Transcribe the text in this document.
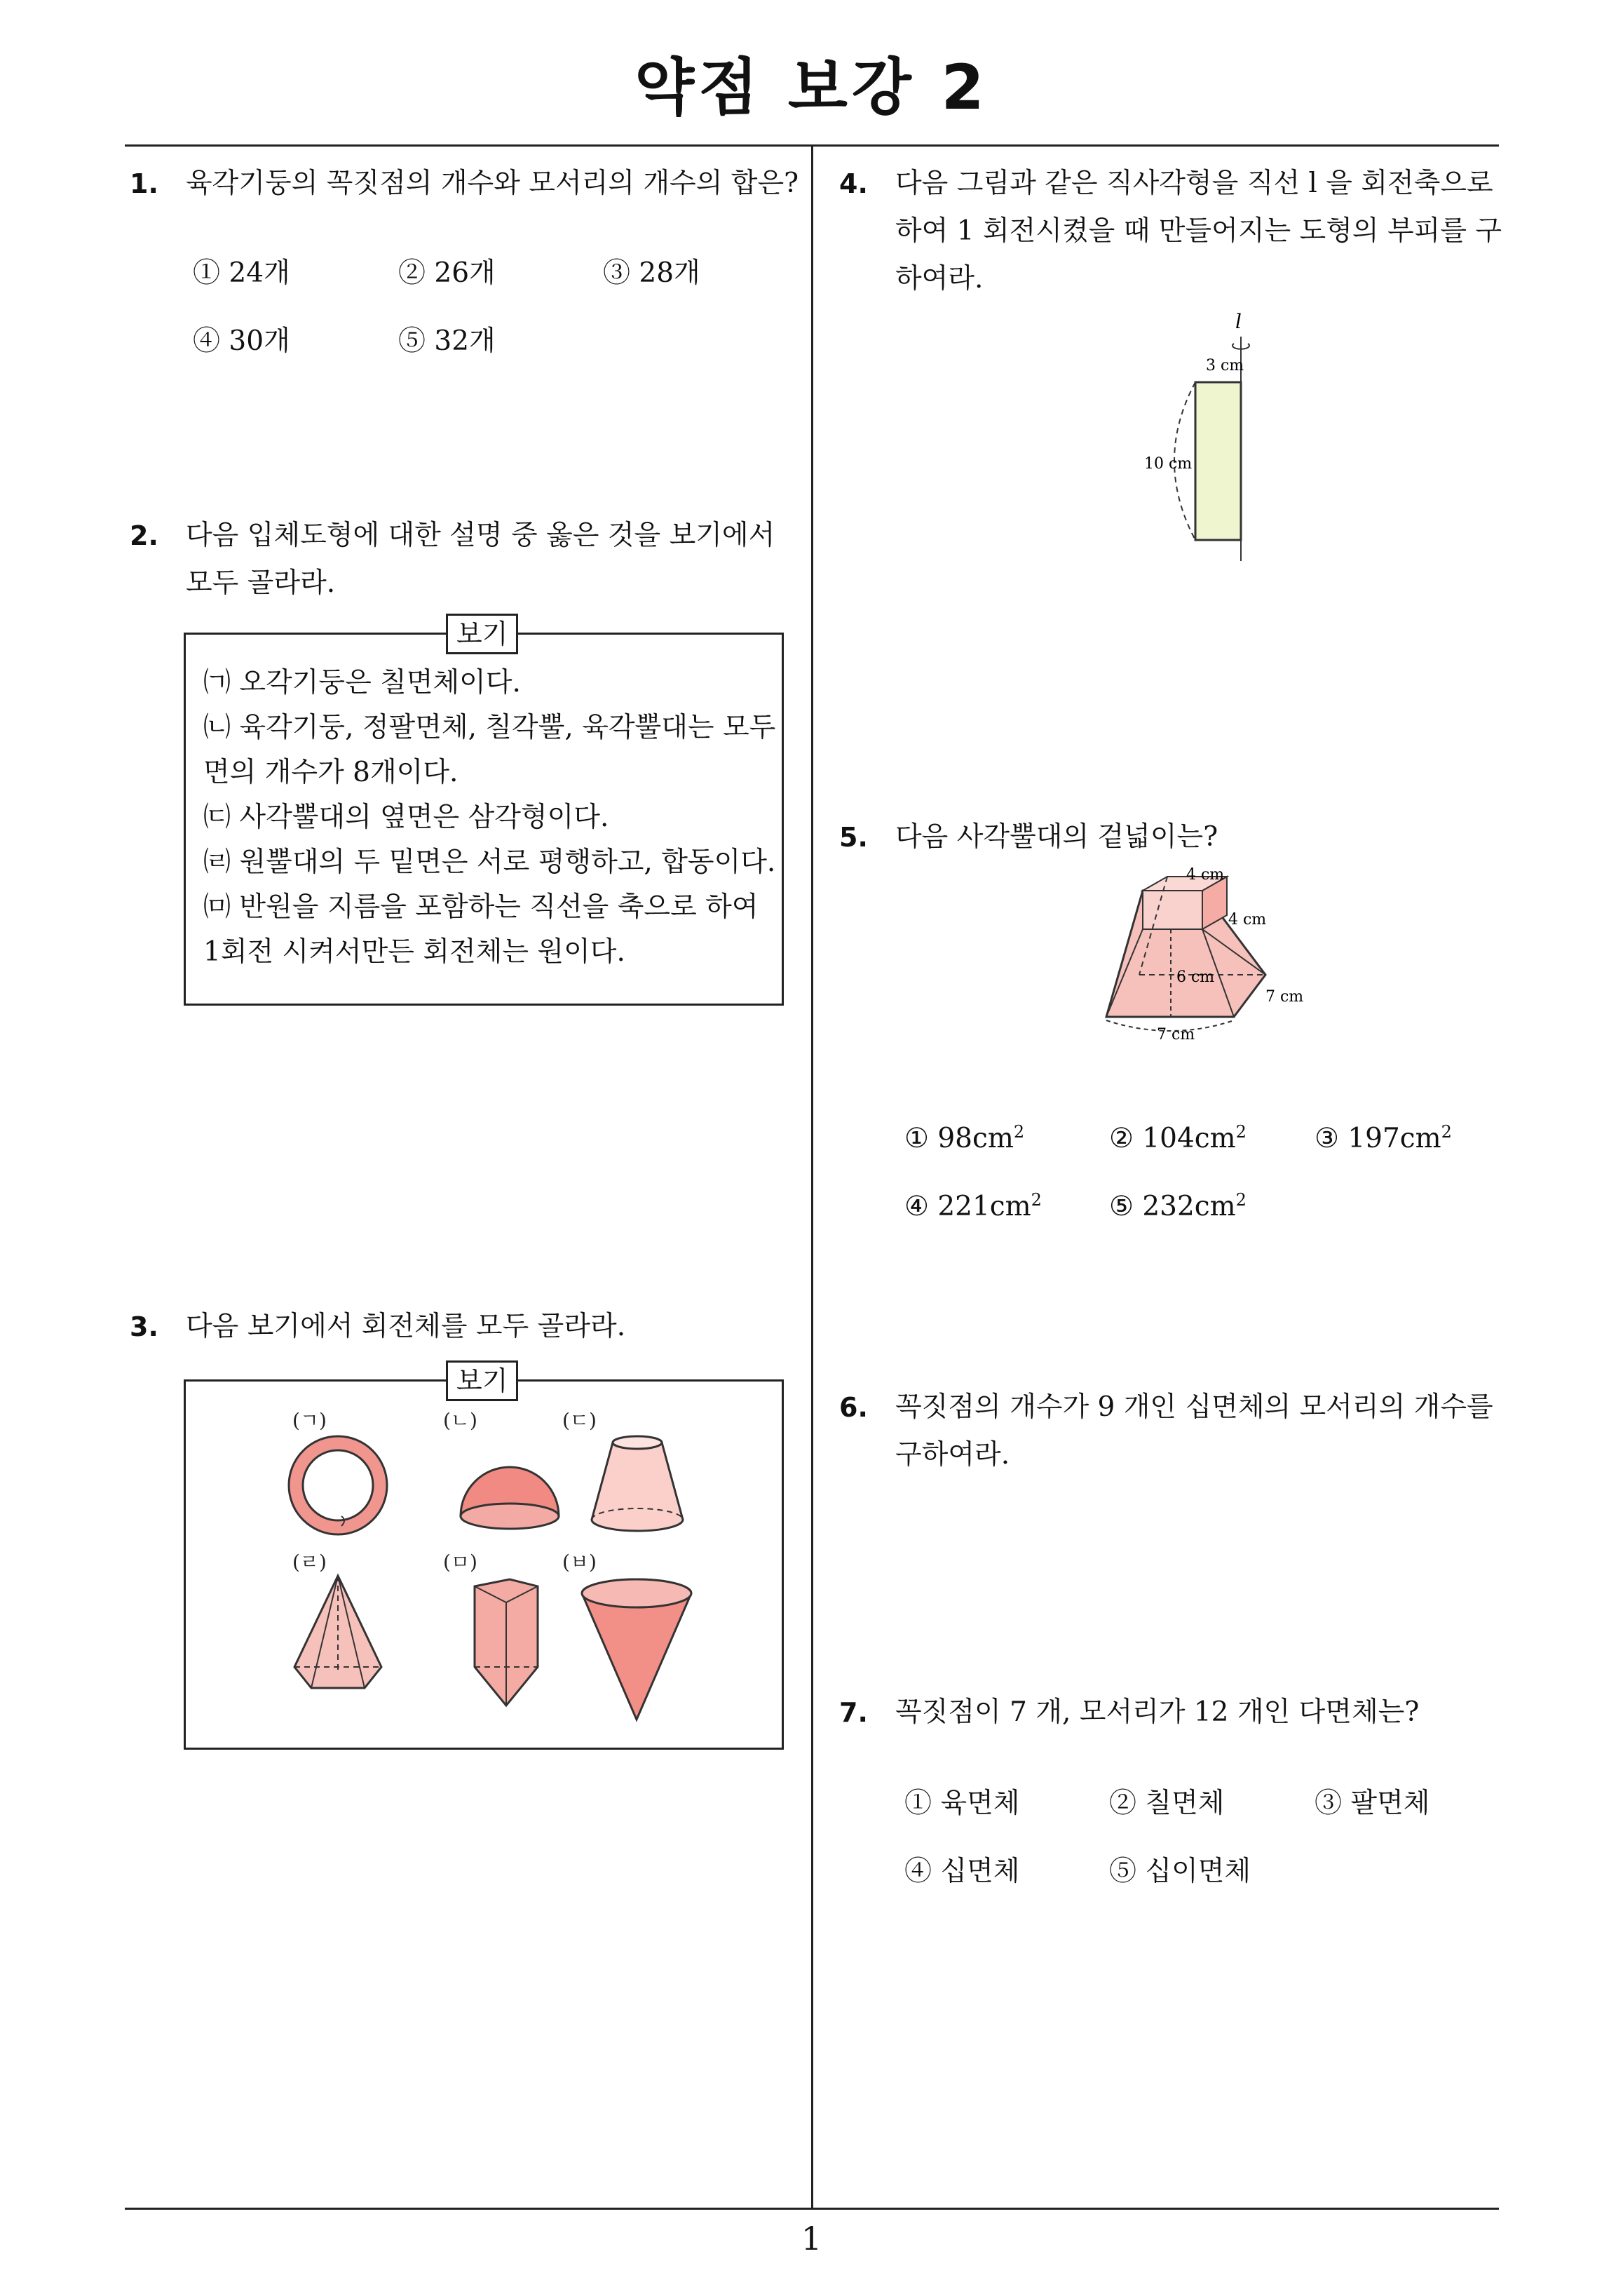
약점 보강 2
1. 육각기둥의 꼭짓점의 개수와 모서리의 개수의 합은?
① 24개	② 26개	③ 28개
④ 30개	⑤ 32개
2. 다음 입체도형에 대한 설명 중 옳은 것을 보기에서 모두 골라라.
보기
㈀ 오각기둥은 칠면체이다.
㈁ 육각기둥, 정팔면체, 칠각뿔, 육각뿔대는 모두
면의 개수가 8개이다.
㈂ 사각뿔대의 옆면은 삼각형이다.
㈃ 원뿔대의 두 밑면은 서로 평행하고, 합동이다.
㈄ 반원을 지름을 포함하는 직선을 축으로 하여
1회전 시켜서만든 회전체는 원이다.
3. 다음 보기에서 회전체를 모두 골라라.
보기
(ㄱ)	(ㄴ)	(ㄷ)
(ㄹ)	(ㅁ)	(ㅂ)
4. 다음 그림과 같은 직사각형을 직선 l 을 회전축으로 하여 1 회전시켰을 때 만들어지는 도형의 부피를 구하여라.
l
3 cm
10 cm
5. 다음 사각뿔대의 겉넓이는?
4 cm
4 cm
6 cm
7 cm
7 cm
① $98cm^2$	② $104cm^2$ ③ $197cm^2$
④ $221cm^2$ ⑤ $232cm^2$
6. 꼭짓점의 개수가 9 개인 십면체의 모서리의 개수를 구하여라.
7. 꼭짓점이 7 개, 모서리가 12 개인 다면체는?
① 육면체	② 칠면체	③ 팔면체
④ 십면체	⑤ 십이면체
1
